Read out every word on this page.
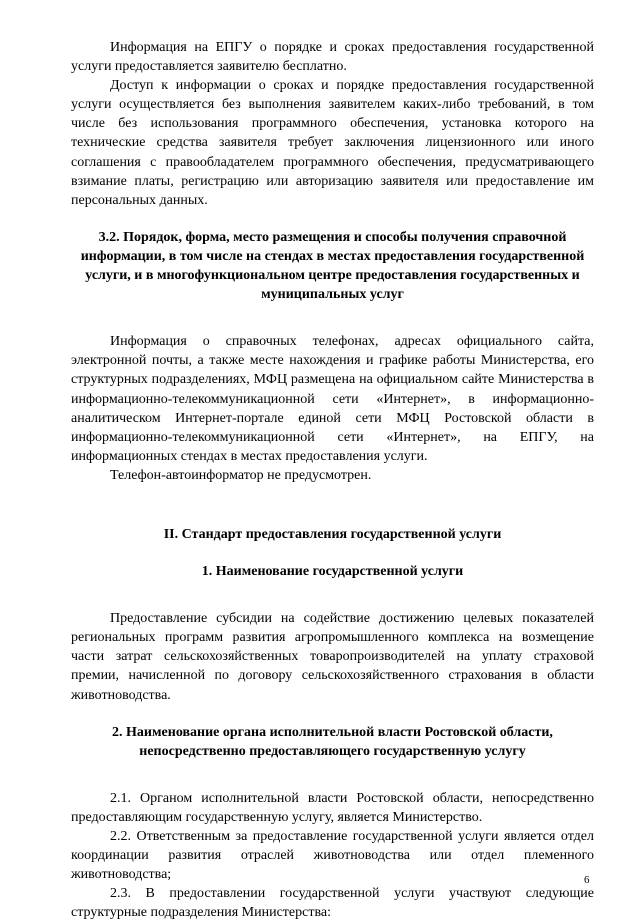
Информация на ЕПГУ о порядке и сроках предоставления государственной услуги предоставляется заявителю бесплатно.

Доступ к информации о сроках и порядке предоставления государственной услуги осуществляется без выполнения заявителем каких-либо требований, в том числе без использования программного обеспечения, установка которого на технические средства заявителя требует заключения лицензионного или иного соглашения с правообладателем программного обеспечения, предусматривающего взимание платы, регистрацию или авторизацию заявителя или предоставление им персональных данных.

3.2. Порядок, форма, место размещения и способы получения справочной информации, в том числе на стендах в местах предоставления государственной услуги, и в многофункциональном центре предоставления государственных и муниципальных услуг

Информация о справочных телефонах, адресах официального сайта, электронной почты, а также месте нахождения и графике работы Министерства, его структурных подразделениях, МФЦ размещена на официальном сайте Министерства в информационно-телекоммуникационной сети «Интернет», в информационно-аналитическом Интернет-портале единой сети МФЦ Ростовской области в информационно-телекоммуникационной сети «Интернет», на ЕПГУ, на информационных стендах в местах предоставления услуги.

Телефон-автоинформатор не предусмотрен.

II. Стандарт предоставления государственной услуги
1. Наименование государственной услуги

Предоставление субсидии на содействие достижению целевых показателей региональных программ развития агропромышленного комплекса на возмещение части затрат сельскохозяйственных товаропроизводителей на уплату страховой премии, начисленной по договору сельскохозяйственного страхования в области животноводства.

2. Наименование органа исполнительной власти Ростовской области, непосредственно предоставляющего государственную услугу

2.1. Органом исполнительной власти Ростовской области, непосредственно предоставляющим государственную услугу, является Министерство.

2.2. Ответственным за предоставление государственной услуги является отдел координации развития отраслей животноводства или отдел племенного животноводства;

2.3. В предоставлении государственной услуги участвуют следующие структурные подразделения Министерства:

6
